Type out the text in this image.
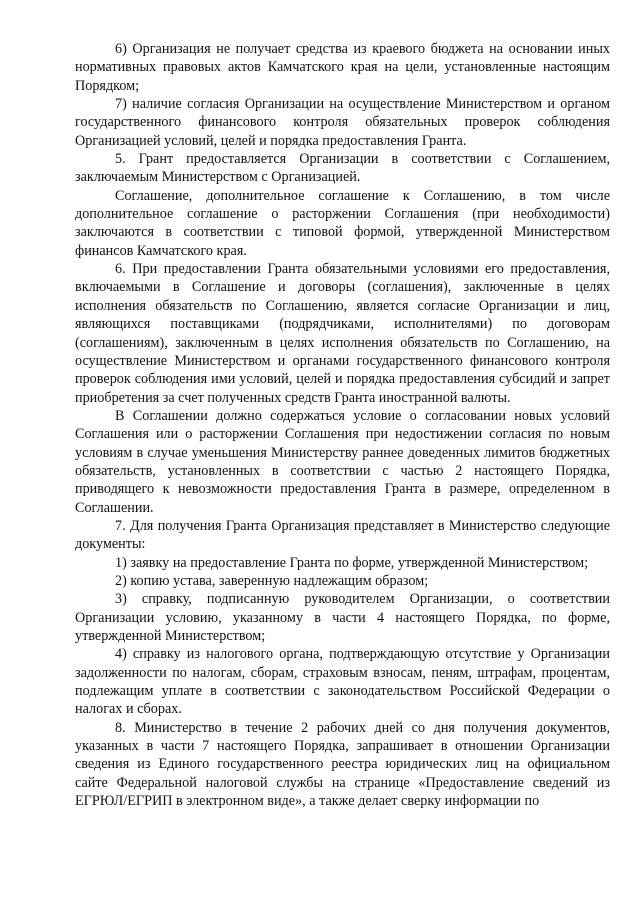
6) Организация не получает средства из краевого бюджета на основании иных нормативных правовых актов Камчатского края на цели, установленные настоящим Порядком;

7) наличие согласия Организации на осуществление Министерством и органом государственного финансового контроля обязательных проверок соблюдения Организацией условий, целей и порядка предоставления Гранта.

5. Грант предоставляется Организации в соответствии с Соглашением, заключаемым Министерством с Организацией.

Соглашение, дополнительное соглашение к Соглашению, в том числе дополнительное соглашение о расторжении Соглашения (при необходимости) заключаются в соответствии с типовой формой, утвержденной Министерством финансов Камчатского края.

6. При предоставлении Гранта обязательными условиями его предоставления, включаемыми в Соглашение и договоры (соглашения), заключенные в целях исполнения обязательств по Соглашению, является согласие Организации и лиц, являющихся поставщиками (подрядчиками, исполнителями) по договорам (соглашениям), заключенным в целях исполнения обязательств по Соглашению, на осуществление Министерством и органами государственного финансового контроля проверок соблюдения ими условий, целей и порядка предоставления субсидий и запрет приобретения за счет полученных средств Гранта иностранной валюты.

В Соглашении должно содержаться условие о согласовании новых условий Соглашения или о расторжении Соглашения при недостижении согласия по новым условиям в случае уменьшения Министерству раннее доведенных лимитов бюджетных обязательств, установленных в соответствии с частью 2 настоящего Порядка, приводящего к невозможности предоставления Гранта в размере, определенном в Соглашении.

7. Для получения Гранта Организация представляет в Министерство следующие документы:

1) заявку на предоставление Гранта по форме, утвержденной Министерством;

2) копию устава, заверенную надлежащим образом;

3) справку, подписанную руководителем Организации, о соответствии Организации условию, указанному в части 4 настоящего Порядка, по форме, утвержденной Министерством;

4) справку из налогового органа, подтверждающую отсутствие у Организации задолженности по налогам, сборам, страховым взносам, пеням, штрафам, процентам, подлежащим уплате в соответствии с законодательством Российской Федерации о налогах и сборах.

8. Министерство в течение 2 рабочих дней со дня получения документов, указанных в части 7 настоящего Порядка, запрашивает в отношении Организации сведения из Единого государственного реестра юридических лиц на официальном сайте Федеральной налоговой службы на странице «Предоставление сведений из ЕГРЮЛ/ЕГРИП в электронном виде», а также делает сверку информации по
